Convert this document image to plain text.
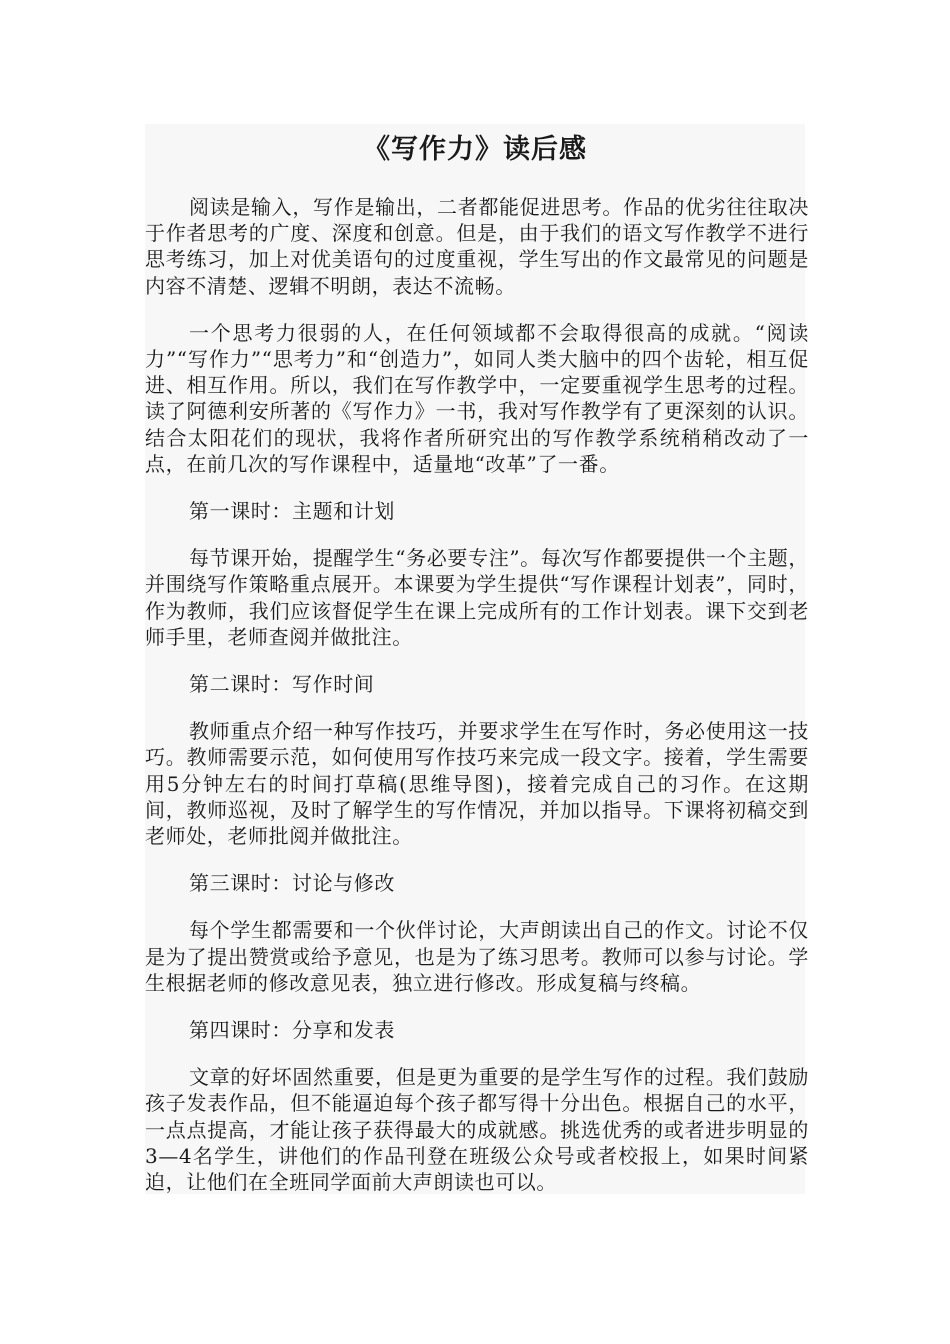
《写作力》读后感

阅读是输入，写作是输出，二者都能促进思考。作品的优劣往往取决于作者思考的广度、深度和创意。但是，由于我们的语文写作教学不进行思考练习，加上对优美语句的过度重视，学生写出的作文最常见的问题是内容不清楚、逻辑不明朗，表达不流畅。

一个思考力很弱的人，在任何领域都不会取得很高的成就。“阅读力”“写作力”“思考力”和“创造力”，如同人类大脑中的四个齿轮，相互促进、相互作用。所以，我们在写作教学中，一定要重视学生思考的过程。读了阿德利安所著的《写作力》一书，我对写作教学有了更深刻的认识。结合太阳花们的现状，我将作者所研究出的写作教学系统稍稍改动了一点，在前几次的写作课程中，适量地“改革”了一番。

第一课时：主题和计划

每节课开始，提醒学生“务必要专注”。每次写作都要提供一个主题，并围绕写作策略重点展开。本课要为学生提供“写作课程计划表”，同时，作为教师，我们应该督促学生在课上完成所有的工作计划表。课下交到老师手里，老师查阅并做批注。

第二课时：写作时间

教师重点介绍一种写作技巧，并要求学生在写作时，务必使用这一技巧。教师需要示范，如何使用写作技巧来完成一段文字。接着，学生需要用5分钟左右的时间打草稿(思维导图)，接着完成自己的习作。在这期间，教师巡视，及时了解学生的写作情况，并加以指导。下课将初稿交到老师处，老师批阅并做批注。

第三课时：讨论与修改

每个学生都需要和一个伙伴讨论，大声朗读出自己的作文。讨论不仅是为了提出赞赏或给予意见，也是为了练习思考。教师可以参与讨论。学生根据老师的修改意见表，独立进行修改。形成复稿与终稿。

第四课时：分享和发表

文章的好坏固然重要，但是更为重要的是学生写作的过程。我们鼓励孩子发表作品，但不能逼迫每个孩子都写得十分出色。根据自己的水平，一点点提高，才能让孩子获得最大的成就感。挑选优秀的或者进步明显的3—4名学生，讲他们的作品刊登在班级公众号或者校报上，如果时间紧迫，让他们在全班同学面前大声朗读也可以。
